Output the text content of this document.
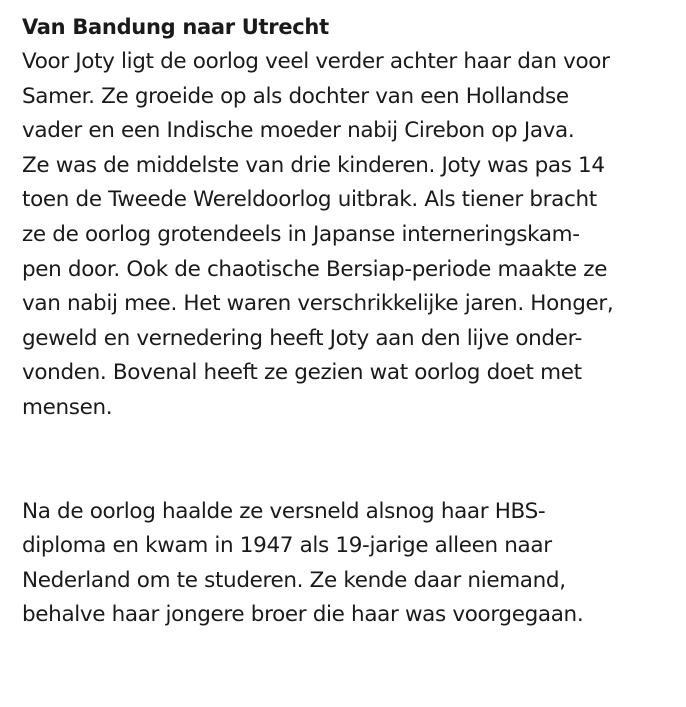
Van Bandung naar Utrecht

Voor Joty ligt de oorlog veel verder achter haar dan voor
Samer. Ze groeide op als dochter van een Hollandse
vader en een Indische moeder nabij Cirebon op Java.
Ze was de middelste van drie kinderen. Joty was pas 14
toen de Tweede Wereldoorlog uitbrak. Als tiener bracht
ze de oorlog grotendeels in Japanse interneringskam-
pen door. Ook de chaotische Bersiap-periode maakte ze
van nabij mee. Het waren verschrikkelijke jaren. Honger,
geweld en vernedering heeft Joty aan den lijve onder-
vonden. Bovenal heeft ze gezien wat oorlog doet met
mensen.

Na de oorlog haalde ze versneld alsnog haar HBS-
diploma en kwam in 1947 als 19-jarige alleen naar
Nederland om te studeren. Ze kende daar niemand,
behalve haar jongere broer die haar was voorgegaan.
